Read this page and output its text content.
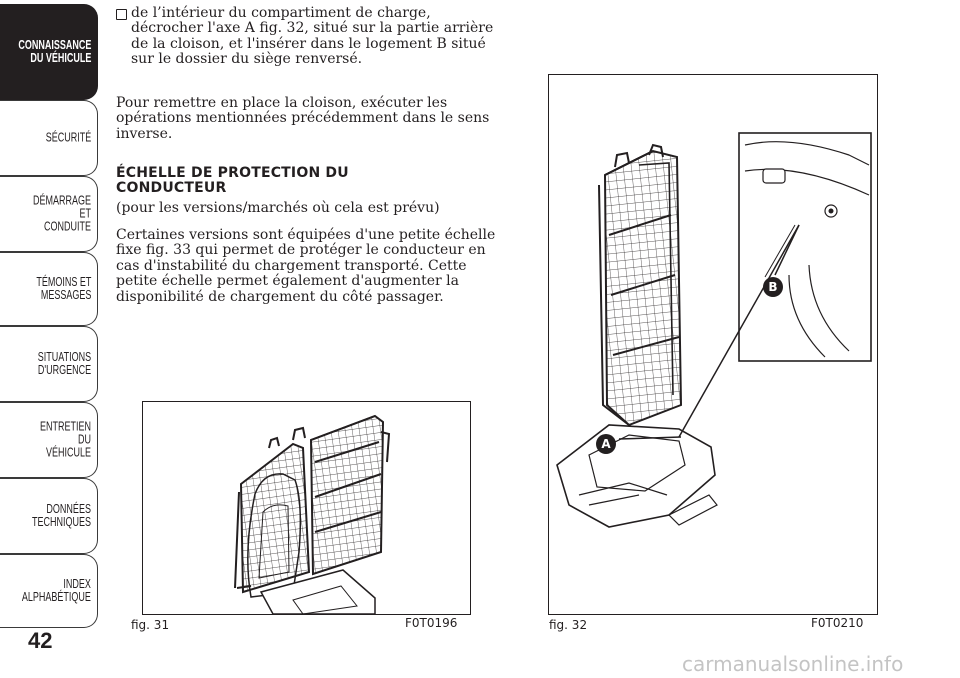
CONNAISSANCE
DU VÉHICULE
SÉCURITÉ
DÉMARRAGE ET
CONDUITE
TÉMOINS ET
MESSAGES
SITUATIONS
D'URGENCE
ENTRETIEN DU
VÉHICULE
DONNÉES
TECHNIQUES
INDEX
ALPHABÉTIQUE
42
de l’intérieur du compartiment de charge, décrocher l'axe A fig. 32, situé sur la partie arrière de la cloison, et l'insérer dans le logement B situé sur le dossier du siège renversé.
Pour remettre en place la cloison, exécuter les opérations mentionnées précédemment dans le sens inverse.
ÉCHELLE DE PROTECTION DU CONDUCTEUR
(pour les versions/marchés où cela est prévu)
Certaines versions sont équipées d'une petite échelle fixe fig. 33 qui permet de protéger le conducteur en cas d'instabilité du chargement transporté. Cette petite échelle permet également d'augmenter la disponibilité de chargement du côté passager.
fig. 31	F0T0196
A
B
fig. 32	F0T0210
carmanualsonline.info
